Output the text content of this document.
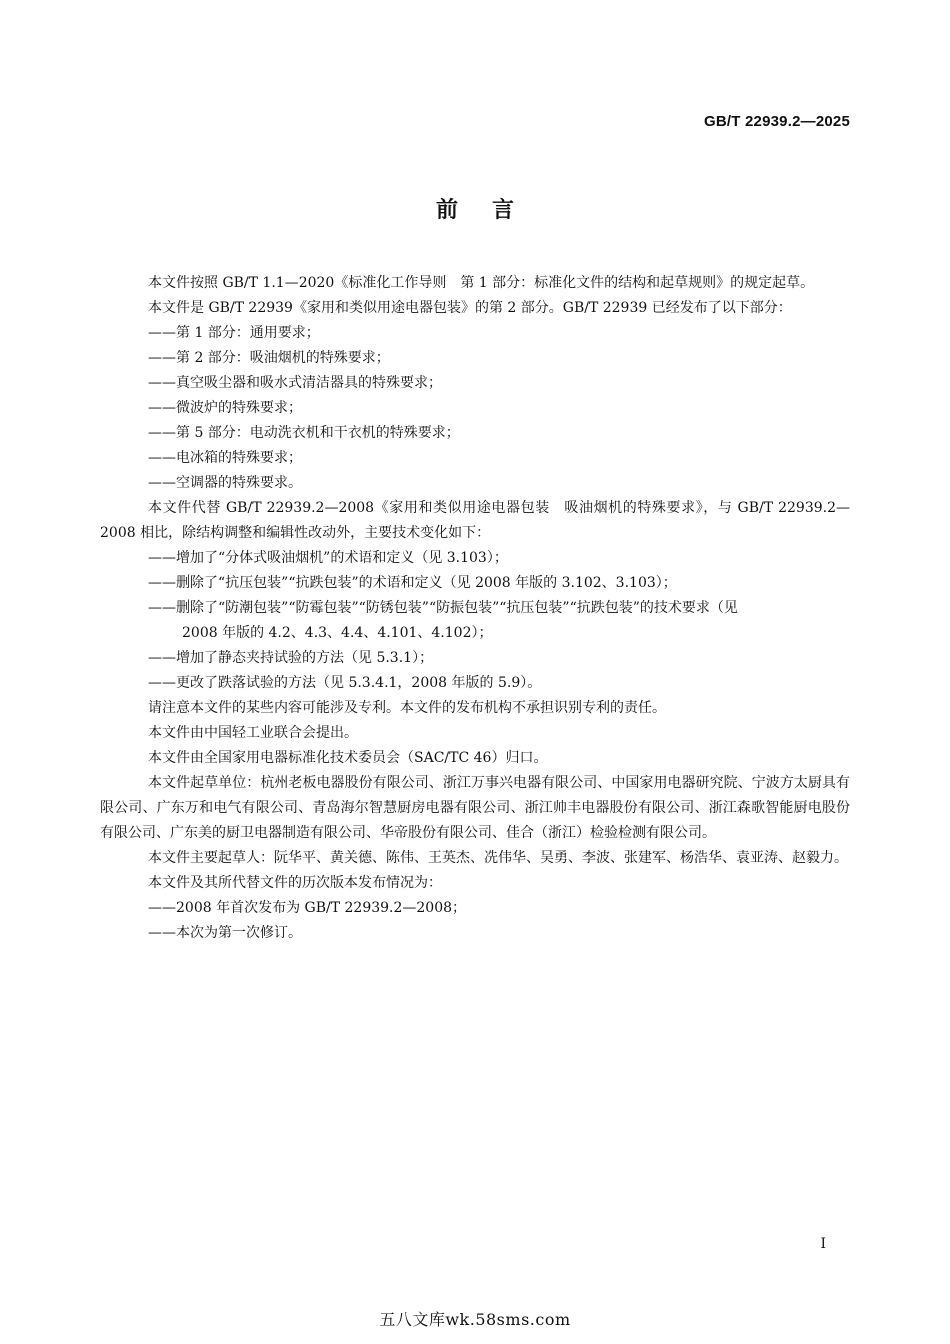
GB/T 22939.2—2025
前言

本文件按照 GB/T 1.1—2020《标准化工作导则　第 1 部分：标准化文件的结构和起草规则》的规定起草。

本文件是 GB/T 22939《家用和类似用途电器包装》的第 2 部分。GB/T 22939 已经发布了以下部分：

——第 1 部分：通用要求；

——第 2 部分：吸油烟机的特殊要求；

——真空吸尘器和吸水式清洁器具的特殊要求；

——微波炉的特殊要求；

——第 5 部分：电动洗衣机和干衣机的特殊要求；

——电冰箱的特殊要求；

——空调器的特殊要求。

本文件代替 GB/T 22939.2—2008《家用和类似用途电器包装　吸油烟机的特殊要求》，与 GB/T 22939.2—2008 相比，除结构调整和编辑性改动外，主要技术变化如下：

——增加了“分体式吸油烟机”的术语和定义（见 3.103）；

——删除了“抗压包装”“抗跌包装”的术语和定义（见 2008 年版的 3.102、3.103）；

——删除了“防潮包装”“防霉包装”“防锈包装”“防振包装”“抗压包装”“抗跌包装”的技术要求（见

2008 年版的 4.2、4.3、4.4、4.101、4.102）；

——增加了静态夹持试验的方法（见 5.3.1）；

——更改了跌落试验的方法（见 5.3.4.1，2008 年版的 5.9）。

请注意本文件的某些内容可能涉及专利。本文件的发布机构不承担识别专利的责任。

本文件由中国轻工业联合会提出。

本文件由全国家用电器标准化技术委员会（SAC/TC 46）归口。

本文件起草单位：杭州老板电器股份有限公司、浙江万事兴电器有限公司、中国家用电器研究院、宁波方太厨具有限公司、广东万和电气有限公司、青岛海尔智慧厨房电器有限公司、浙江帅丰电器股份有限公司、浙江森歌智能厨电股份有限公司、广东美的厨卫电器制造有限公司、华帝股份有限公司、佳合（浙江）检验检测有限公司。

本文件主要起草人：阮华平、黄关德、陈伟、王英杰、冼伟华、吴勇、李波、张建军、杨浩华、袁亚涛、赵毅力。

本文件及其所代替文件的历次版本发布情况为：

——2008 年首次发布为 GB/T 22939.2—2008；

——本次为第一次修订。

I
五八文库wk.58sms.com
